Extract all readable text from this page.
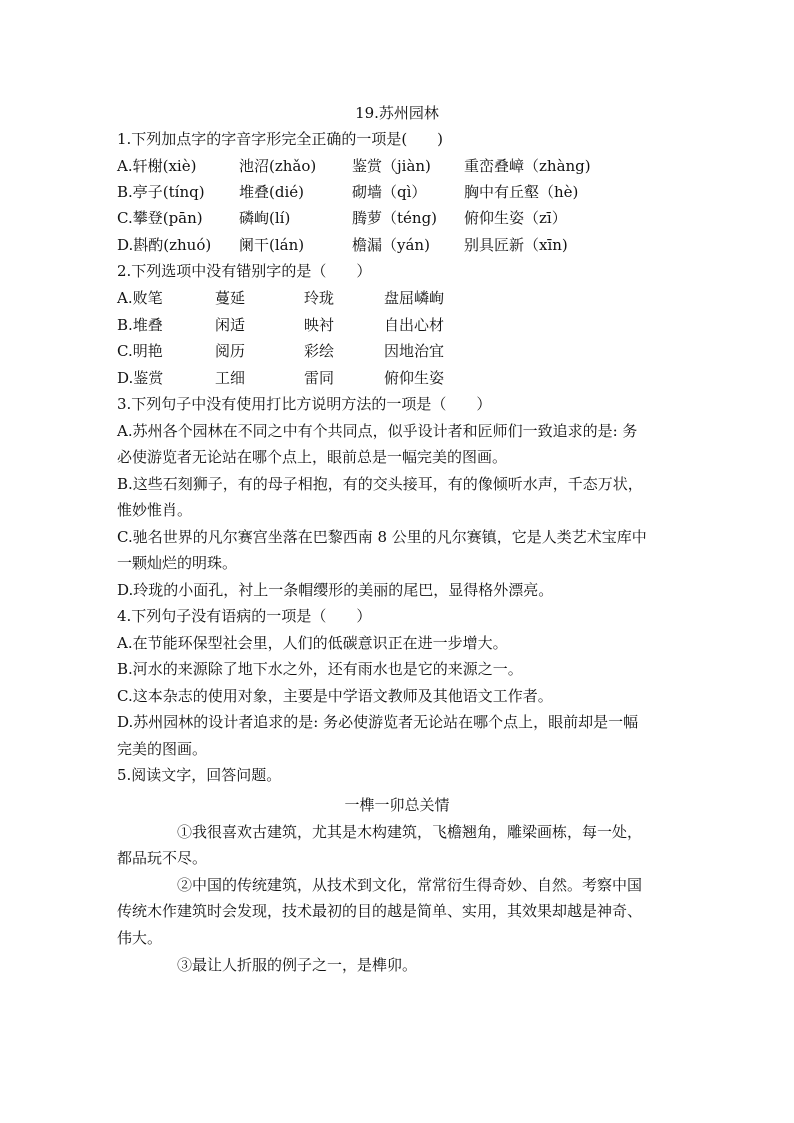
19.苏州园林
1.下列加点字的字音字形完全正确的一项是(　　)
A.轩榭(xiè)	池沼(zhǎo) 鉴赏（jiàn) 重峦叠嶂（zhàng)
B.亭子(tínq) 堆叠(dié)	砌墙（qì）	胸中有丘壑（hè)
C.攀登(pān) 磷峋(lí)	腾萝（téng) 俯仰生姿（zī）
D.斟酌(zhuó) 阑干(lán)	檐漏（yán) 别具匠新（xīn)
2.下列选项中没有错别字的是（　　）
A.败笔	蔓延	玲珑	盘屈嶙峋
B.堆叠	闲适	映衬	自出心材
C.明艳	阅历	彩绘	因地治宜
D.鉴赏	工细	雷同	俯仰生姿
3.下列句子中没有使用打比方说明方法的一项是（　　）
A.苏州各个园林在不同之中有个共同点，似乎设计者和匠师们一致追求的是: 务
必使游览者无论站在哪个点上，眼前总是一幅完美的图画。
B.这些石刻狮子，有的母子相抱，有的交头接耳，有的像倾听水声，千态万状，
惟妙惟肖。
C.驰名世界的凡尔赛宫坐落在巴黎西南 8 公里的凡尔赛镇，它是人类艺术宝库中
一颗灿烂的明珠。
D.玲珑的小面孔，衬上一条帽缨形的美丽的尾巴，显得格外漂亮。
4.下列句子没有语病的一项是（　　）
A.在节能环保型社会里，人们的低碳意识正在进一步增大。
B.河水的来源除了地下水之外，还有雨水也是它的来源之一。
C.这本杂志的使用对象，主要是中学语文教师及其他语文工作者。
D.苏州园林的设计者追求的是: 务必使游览者无论站在哪个点上，眼前却是一幅
完美的图画。
5.阅读文字，回答问题。
一榫一卯总关情
①我很喜欢古建筑，尤其是木构建筑，飞檐翘角，雕梁画栋，每一处，
都品玩不尽。
②中国的传统建筑，从技术到文化，常常衍生得奇妙、自然。考察中国
传统木作建筑时会发现，技术最初的目的越是简单、实用，其效果却越是神奇、
伟大。
③最让人折服的例子之一，是榫卯。
